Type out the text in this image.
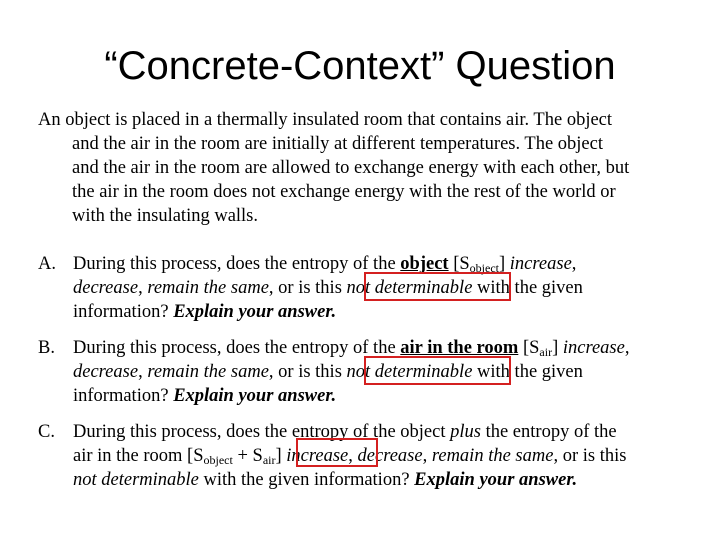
“Concrete-Context” Question
An object is placed in a thermally insulated room that contains air. The object
and the air in the room are initially at different temperatures. The object
and the air in the room are allowed to exchange energy with each other, but
the air in the room does not exchange energy with the rest of the world or
with the insulating walls.
A. During this process, does the entropy of the object $[S_{object}]$ increase,
decrease, remain the same, or is this not determinable with the given
information? Explain your answer.
B. During this process, does the entropy of the air in the room $[S_{air}]$ increase,
decrease, remain the same, or is this not determinable with the given
information? Explain your answer.
C. During this process, does the entropy of the object plus the entropy of the
air in the room $[S_{object} + S_{air}]$ increase, decrease, remain the same, or is this
not determinable with the given information? Explain your answer.
